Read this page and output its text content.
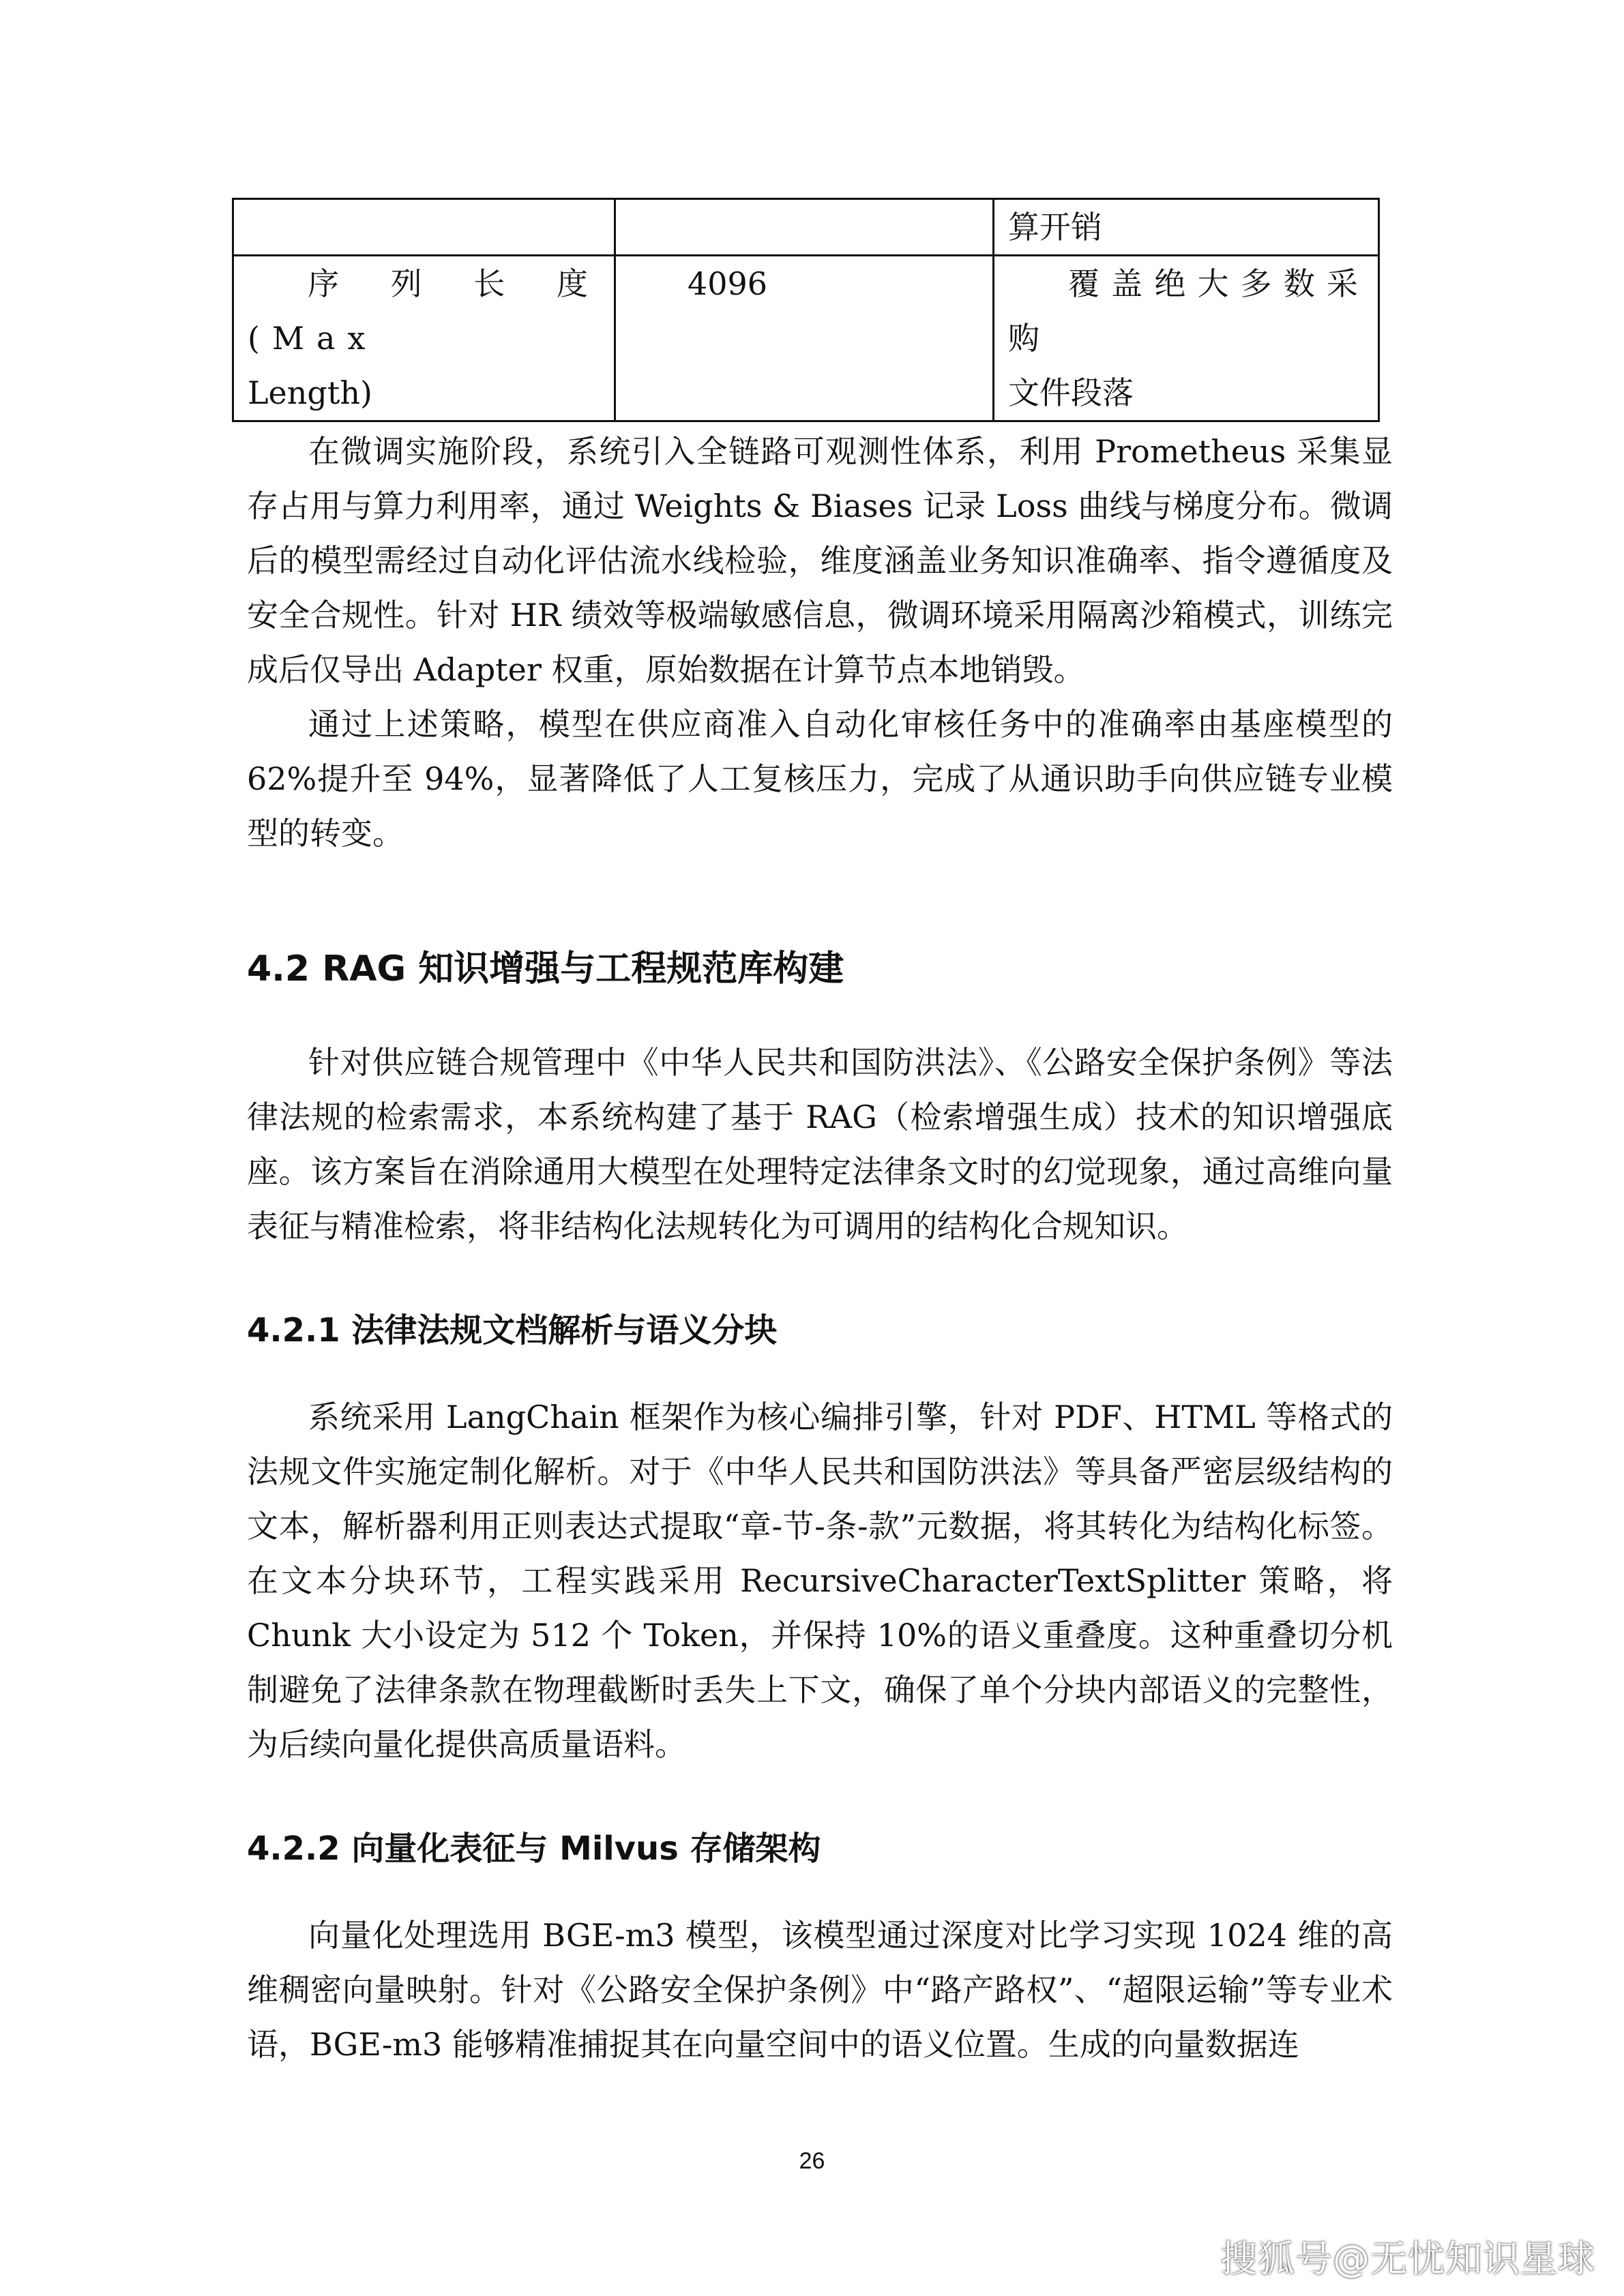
		算开销

序列长度 (Max
Length)	4096	覆盖绝大多数采购
文件段落

在微调实施阶段，系统引入全链路可观测性体系，利用 Prometheus 采集显存占用与算力利用率，通过 Weights & Biases 记录 Loss 曲线与梯度分布。微调后的模型需经过自动化评估流水线检验，维度涵盖业务知识准确率、指令遵循度及安全合规性。针对 HR 绩效等极端敏感信息，微调环境采用隔离沙箱模式，训练完成后仅导出 Adapter 权重，原始数据在计算节点本地销毁。

通过上述策略，模型在供应商准入自动化审核任务中的准确率由基座模型的62%提升至 94%，显著降低了人工复核压力，完成了从通识助手向供应链专业模型的转变。

4.2 RAG 知识增强与工程规范库构建

针对供应链合规管理中《中华人民共和国防洪法》、《公路安全保护条例》等法律法规的检索需求，本系统构建了基于 RAG（检索增强生成）技术的知识增强底座。该方案旨在消除通用大模型在处理特定法律条文时的幻觉现象，通过高维向量表征与精准检索，将非结构化法规转化为可调用的结构化合规知识。

4.2.1 法律法规文档解析与语义分块

系统采用 LangChain 框架作为核心编排引擎，针对 PDF、HTML 等格式的法规文件实施定制化解析。对于《中华人民共和国防洪法》等具备严密层级结构的文本，解析器利用正则表达式提取“章-节-条-款”元数据，将其转化为结构化标签。在文本分块环节，工程实践采用 RecursiveCharacterTextSplitter 策略，将 Chunk 大小设定为 512 个 Token，并保持 10%的语义重叠度。这种重叠切分机制避免了法律条款在物理截断时丢失上下文，确保了单个分块内部语义的完整性，为后续向量化提供高质量语料。

4.2.2 向量化表征与 Milvus 存储架构

向量化处理选用 BGE-m3 模型，该模型通过深度对比学习实现 1024 维的高维稠密向量映射。针对《公路安全保护条例》中“路产路权”、“超限运输”等专业术语，BGE-m3 能够精准捕捉其在向量空间中的语义位置。生成的向量数据连

26
搜狐号@无忧知识星球
